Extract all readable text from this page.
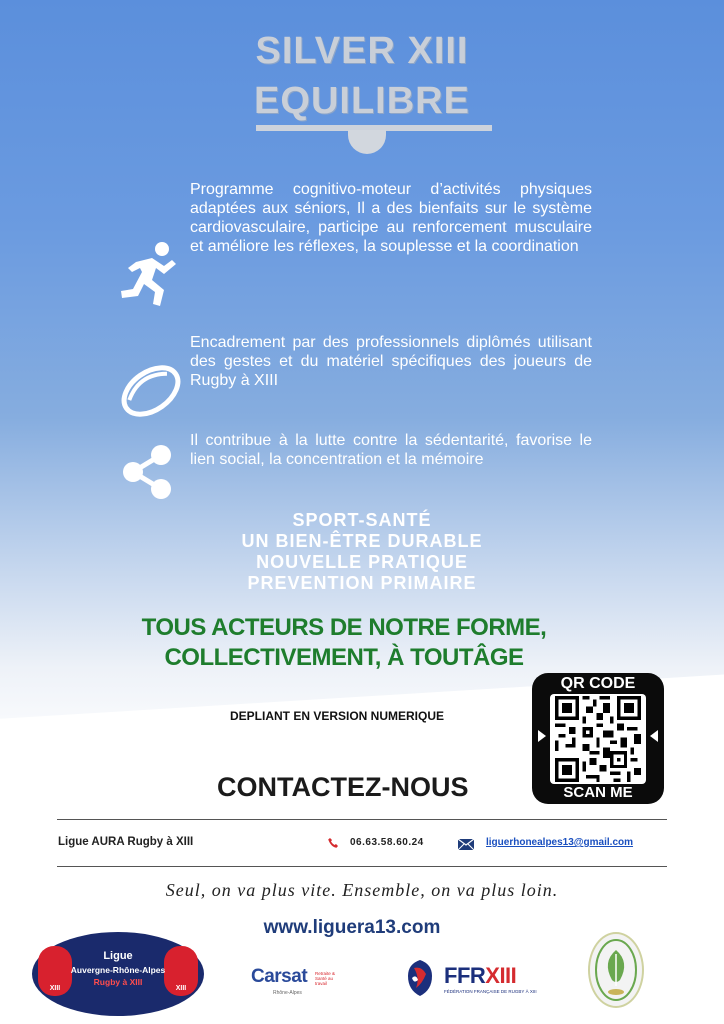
SILVER XIII
EQUILIBRE
Programme cognitivo-moteur d’activités physiques adaptées aux séniors, Il a des bienfaits sur le système cardiovasculaire, participe au renforcement musculaire et améliore les réflexes, la souplesse et la coordination
Encadrement par des professionnels diplômés utilisant des gestes et du matériel spécifiques des joueurs de Rugby à XIII
Il contribue à la lutte contre la sédentarité, favorise le lien social, la concentration et la mémoire
SPORT-SANTÉ
UN BIEN-ÊTRE DURABLE
NOUVELLE PRATIQUE
PREVENTION PRIMAIRE
TOUS ACTEURS DE NOTRE FORME,
COLLECTIVEMENT, À TOUTÂGE
DEPLIANT EN VERSION NUMERIQUE
QR CODE
SCAN ME
CONTACTEZ-NOUS
Ligue AURA Rugby à XIII	06.63.58.60.24	liguerhonealpes13@gmail.com
Seul, on va plus vite. Ensemble, on va plus loin.
www.liguera13.com
XIII	XIII
Ligue
Auvergne-Rhône-Alpes
Rugby à XIII	Carsat Retraite & Santé au travail
Rhône-Alpes
FFRXIII
FÉDÉRATION FRANÇAISE DE RUGBY À XIII
